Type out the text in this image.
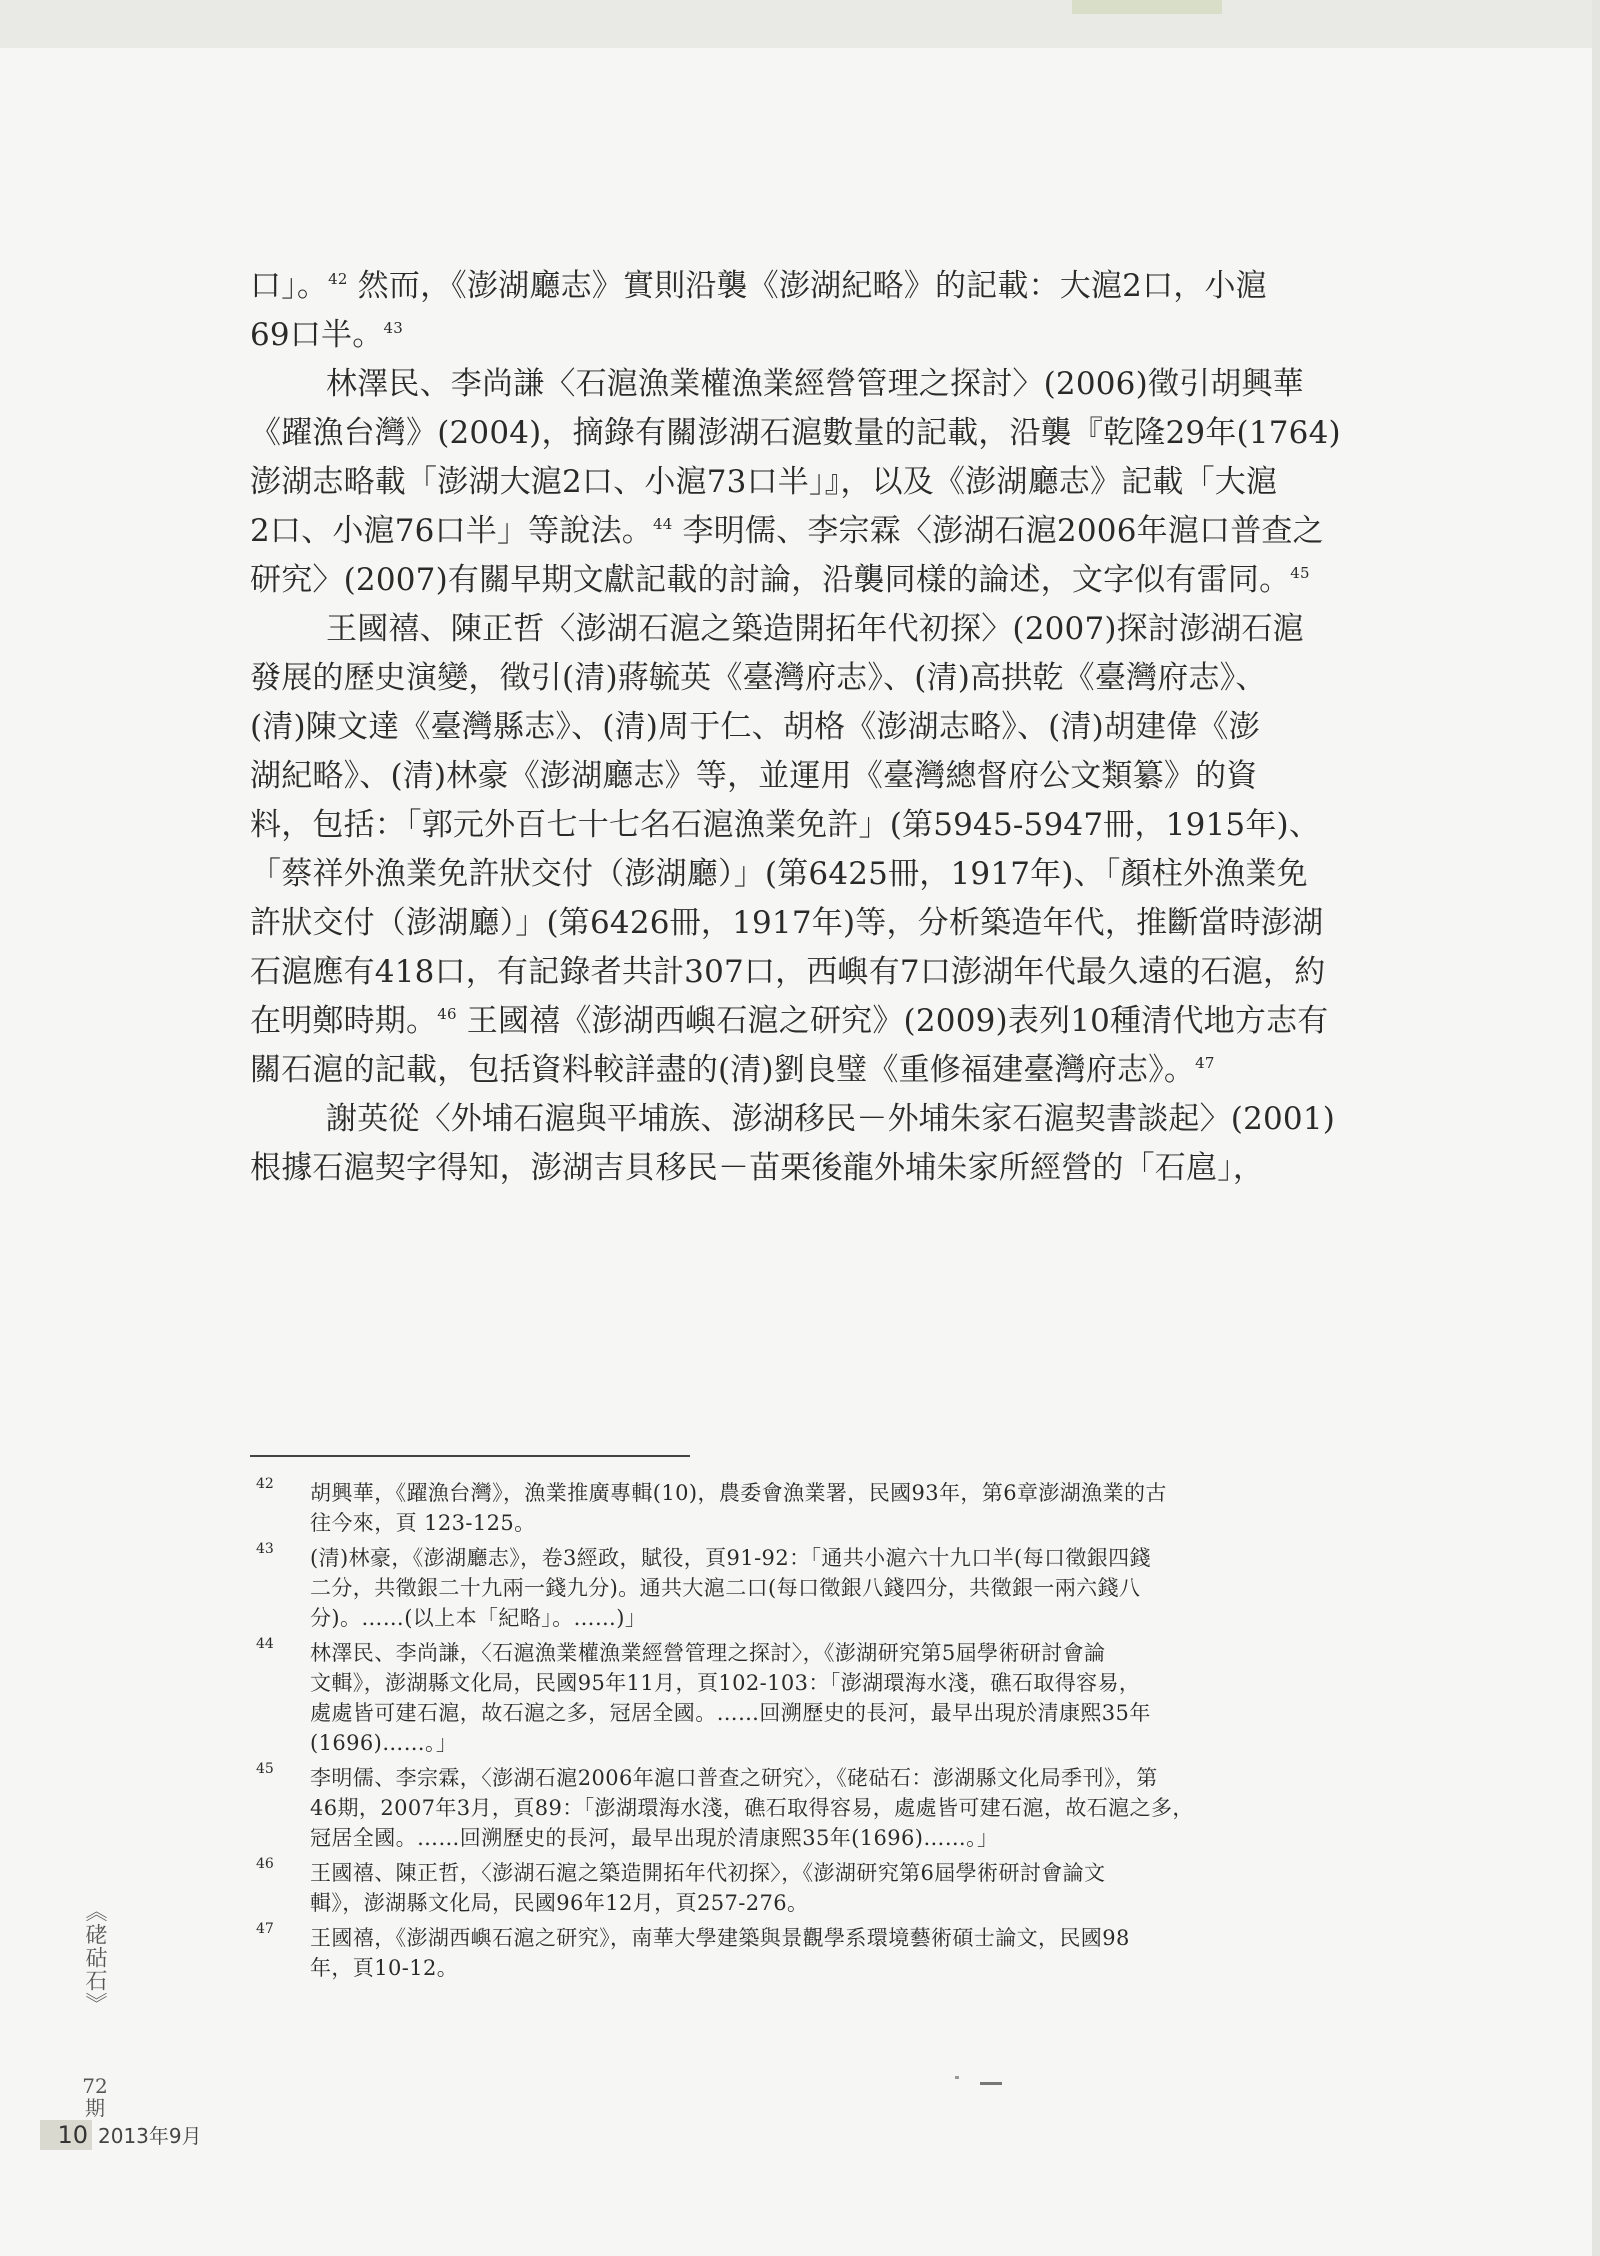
口」。$^{42}$ 然而，《澎湖廳志》實則沿襲《澎湖紀略》的記載：大滬2口，小滬
69口半。$^{43}$
林澤民、李尚謙〈石滬漁業權漁業經營管理之探討〉(2006)徵引胡興華
《躍漁台灣》(2004)，摘錄有關澎湖石滬數量的記載，沿襲『乾隆29年(1764)
澎湖志略載「澎湖大滬2口、小滬73口半」』，以及《澎湖廳志》記載「大滬
2口、小滬76口半」等說法。$^{44}$ 李明儒、李宗霖〈澎湖石滬2006年滬口普查之
研究〉(2007)有關早期文獻記載的討論，沿襲同樣的論述，文字似有雷同。$^{45}$
王國禧、陳正哲〈澎湖石滬之築造開拓年代初探〉(2007)探討澎湖石滬
發展的歷史演變，徵引(清)蔣毓英《臺灣府志》、(清)高拱乾《臺灣府志》、
(清)陳文達《臺灣縣志》、(清)周于仁、胡格《澎湖志略》、(清)胡建偉《澎
湖紀略》、(清)林豪《澎湖廳志》等，並運用《臺灣總督府公文類纂》的資
料，包括：「郭元外百七十七名石滬漁業免許」(第5945-5947冊，1915年)、
「蔡祥外漁業免許狀交付（澎湖廳）」(第6425冊，1917年)、「顏柱外漁業免
許狀交付（澎湖廳）」(第6426冊，1917年)等，分析築造年代，推斷當時澎湖
石滬應有418口，有記錄者共計307口，西嶼有7口澎湖年代最久遠的石滬，約
在明鄭時期。$^{46}$ 王國禧《澎湖西嶼石滬之研究》(2009)表列10種清代地方志有
關石滬的記載，包括資料較詳盡的(清)劉良璧《重修福建臺灣府志》。$^{47}$
謝英從〈外埔石滬與平埔族、澎湖移民－外埔朱家石滬契書談起〉(2001)
根據石滬契字得知，澎湖吉貝移民－苗栗後龍外埔朱家所經營的「石扈」，
42 胡興華，《躍漁台灣》，漁業推廣專輯(10)，農委會漁業署，民國93年，第6章澎湖漁業的古
往今來，頁 123-125。
43 (清)林豪，《澎湖廳志》，卷3經政，賦役，頁91-92：「通共小滬六十九口半(每口徵銀四錢
二分，共徵銀二十九兩一錢九分)。通共大滬二口(每口徵銀八錢四分，共徵銀一兩六錢八
分)。……(以上本「紀略」。……)」
44 林澤民、李尚謙，〈石滬漁業權漁業經營管理之探討〉，《澎湖研究第5屆學術研討會論
文輯》，澎湖縣文化局，民國95年11月，頁102-103：「澎湖環海水淺，礁石取得容易，
處處皆可建石滬，故石滬之多，冠居全國。……回溯歷史的長河，最早出現於清康熙35年
(1696)……。」
45 李明儒、李宗霖，〈澎湖石滬2006年滬口普查之研究〉，《硓𥑮石：澎湖縣文化局季刊》，第
46期，2007年3月，頁89：「澎湖環海水淺，礁石取得容易，處處皆可建石滬，故石滬之多，
冠居全國。……回溯歷史的長河，最早出現於清康熙35年(1696)……。」
46 王國禧、陳正哲，〈澎湖石滬之築造開拓年代初探〉，《澎湖研究第6屆學術研討會論文
輯》，澎湖縣文化局，民國96年12月，頁257-276。
47 王國禧，《澎湖西嶼石滬之研究》，南華大學建築與景觀學系環境藝術碩士論文，民國98
年，頁10-12。
《硓𥑮石》
72期
10 2013年9月
